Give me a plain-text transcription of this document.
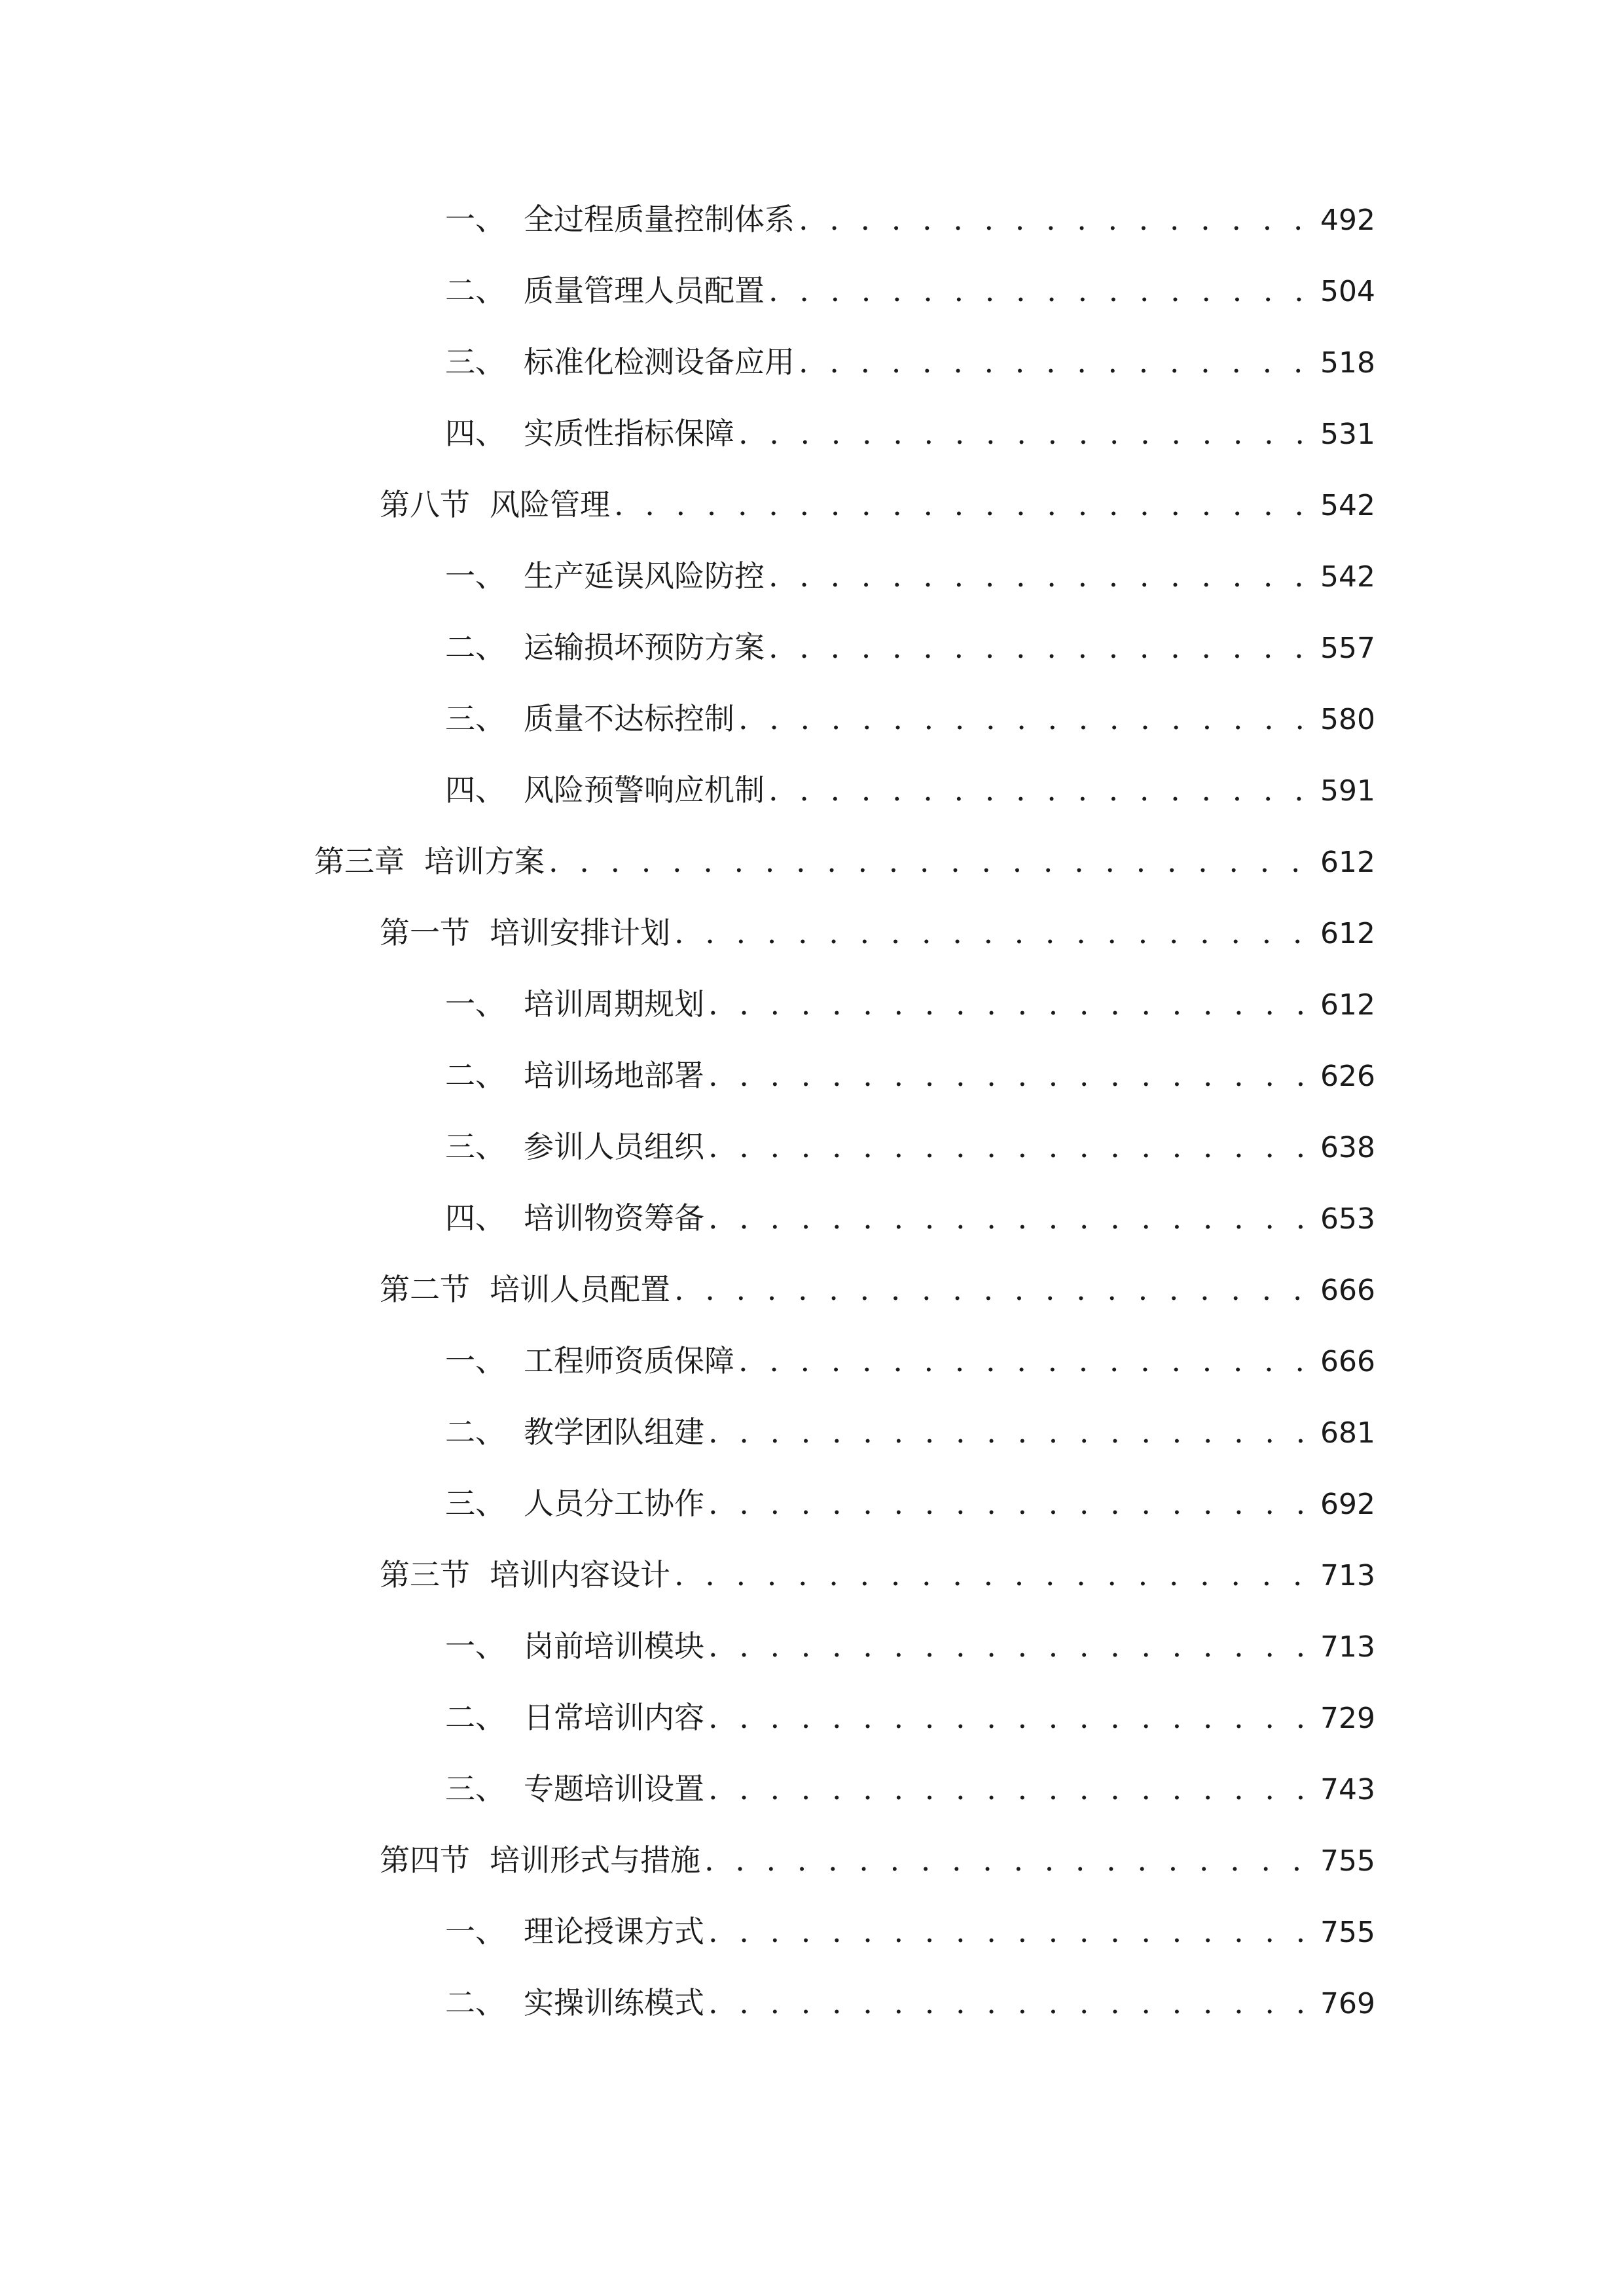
一、 全过程质量控制体系 . . .	492
二、 质量管理人员配置 . . .	504
三、 标准化检测设备应用 . . .	518
四、 实质性指标保障 . . .	531
第八节 风险管理 . . .	542
一、 生产延误风险防控 . . .	542
二、 运输损坏预防方案 . . .	557
三、 质量不达标控制 . . .	580
四、 风险预警响应机制 . . .	591
第三章 培训方案 . . .	612
第一节 培训安排计划 . . .	612
一、 培训周期规划 . . .	612
二、 培训场地部署 . . .	626
三、 参训人员组织 . . .	638
四、 培训物资筹备 . . .	653
第二节 培训人员配置 . . .	666
一、 工程师资质保障 . . .	666
二、 教学团队组建 . . .	681
三、 人员分工协作 . . .	692
第三节 培训内容设计 . . .	713
一、 岗前培训模块 . . .	713
二、 日常培训内容 . . .	729
三、 专题培训设置 . . .	743
第四节 培训形式与措施 . . .	755
一、 理论授课方式 . . .	755
二、 实操训练模式 . . .	769
